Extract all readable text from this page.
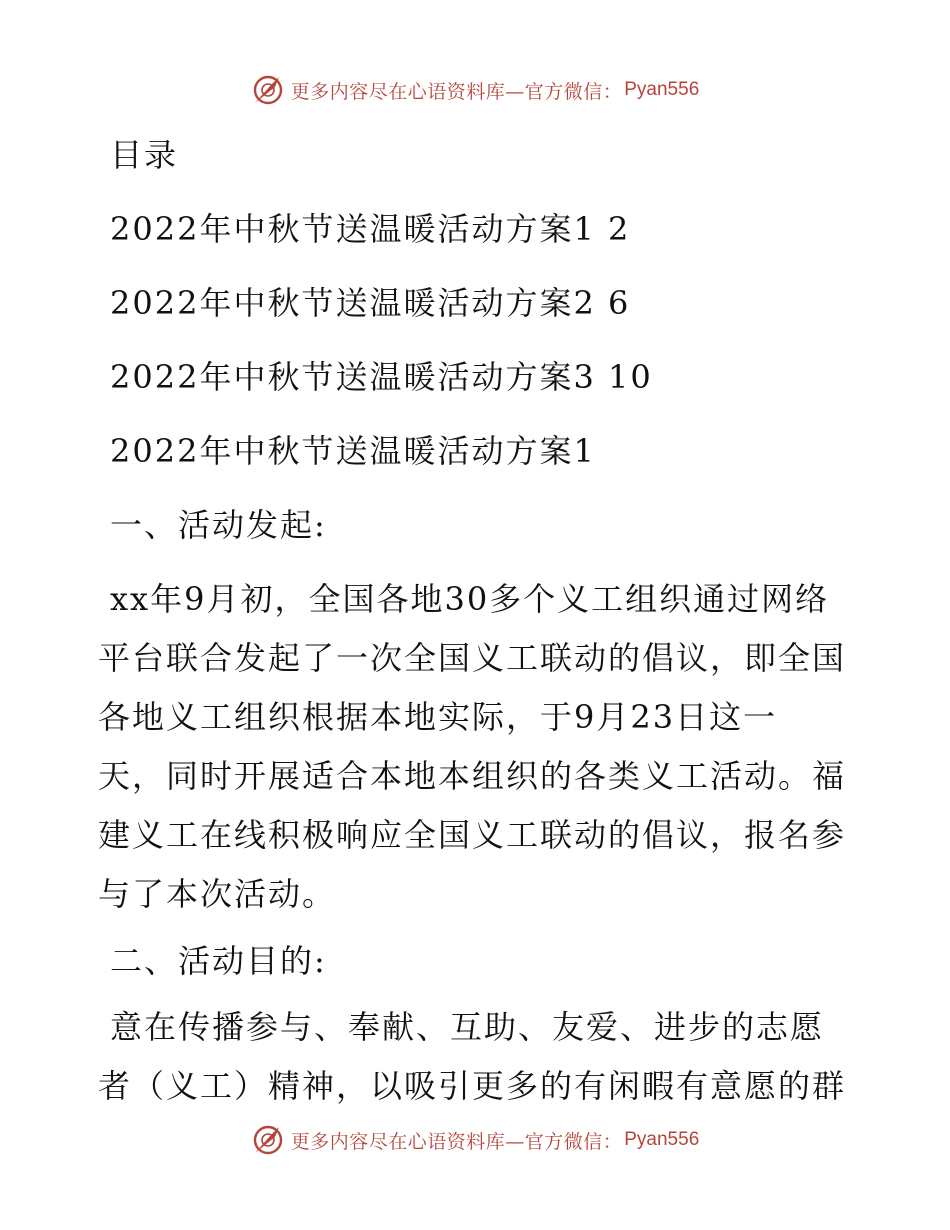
更多内容尽在心语资料库—官方微信： Pyan556
目录
2022年中秋节送温暖活动方案1 2
2022年中秋节送温暖活动方案2 6
2022年中秋节送温暖活动方案3 10
2022年中秋节送温暖活动方案1
一、活动发起:
xx年9月初，全国各地30多个义工组织通过网络
平台联合发起了一次全国义工联动的倡议，即全国
各地义工组织根据本地实际，于9月23日这一
天，同时开展适合本地本组织的各类义工活动。福
建义工在线积极响应全国义工联动的倡议，报名参
与了本次活动。
二、活动目的:
意在传播参与、奉献、互助、友爱、进步的志愿
者（义工）精神，以吸引更多的有闲暇有意愿的群
更多内容尽在心语资料库—官方微信： Pyan556
